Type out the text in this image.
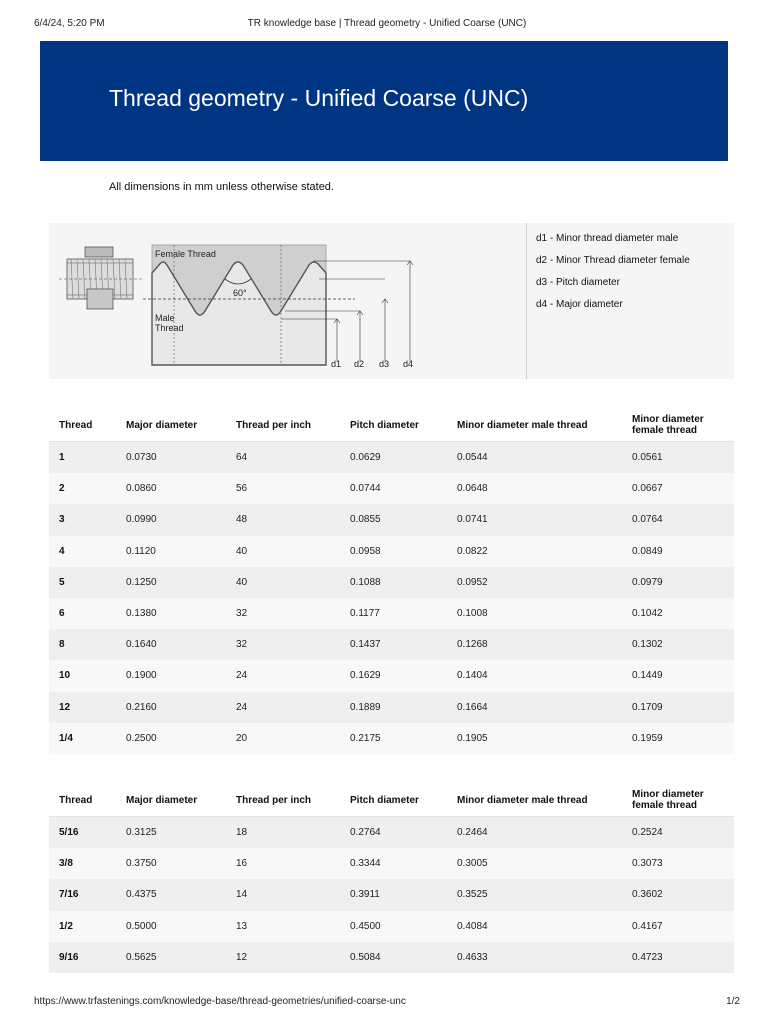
6/4/24, 5:20 PM	TR knowledge base | Thread geometry - Unified Coarse (UNC)
Thread geometry - Unified Coarse (UNC)
All dimensions in mm unless otherwise stated.
Female Thread
Male
Thread
60°
d1 d2 d3 d4
d1 - Minor thread diameter male
d2 - Minor Thread diameter female
d3 - Pitch diameter
d4 - Major diameter
Thread	Major diameter	Thread per inch	Pitch diameter	Minor diameter male thread	Minor diameter female thread
1	0.0730	64	0.0629	0.0544	0.0561
2	0.0860	56	0.0744	0.0648	0.0667
3	0.0990	48	0.0855	0.0741	0.0764
4	0.1120	40	0.0958	0.0822	0.0849
5	0.1250	40	0.1088	0.0952	0.0979
6	0.1380	32	0.1177	0.1008	0.1042
8	0.1640	32	0.1437	0.1268	0.1302
10	0.1900	24	0.1629	0.1404	0.1449
12	0.2160	24	0.1889	0.1664	0.1709
1/4	0.2500	20	0.2175	0.1905	0.1959
Thread	Major diameter	Thread per inch	Pitch diameter	Minor diameter male thread	Minor diameter female thread
5/16	0.3125	18	0.2764	0.2464	0.2524
3/8	0.3750	16	0.3344	0.3005	0.3073
7/16	0.4375	14	0.3911	0.3525	0.3602
1/2	0.5000	13	0.4500	0.4084	0.4167
9/16	0.5625	12	0.5084	0.4633	0.4723
https://www.trfastenings.com/knowledge-base/thread-geometries/unified-coarse-unc	1/2
